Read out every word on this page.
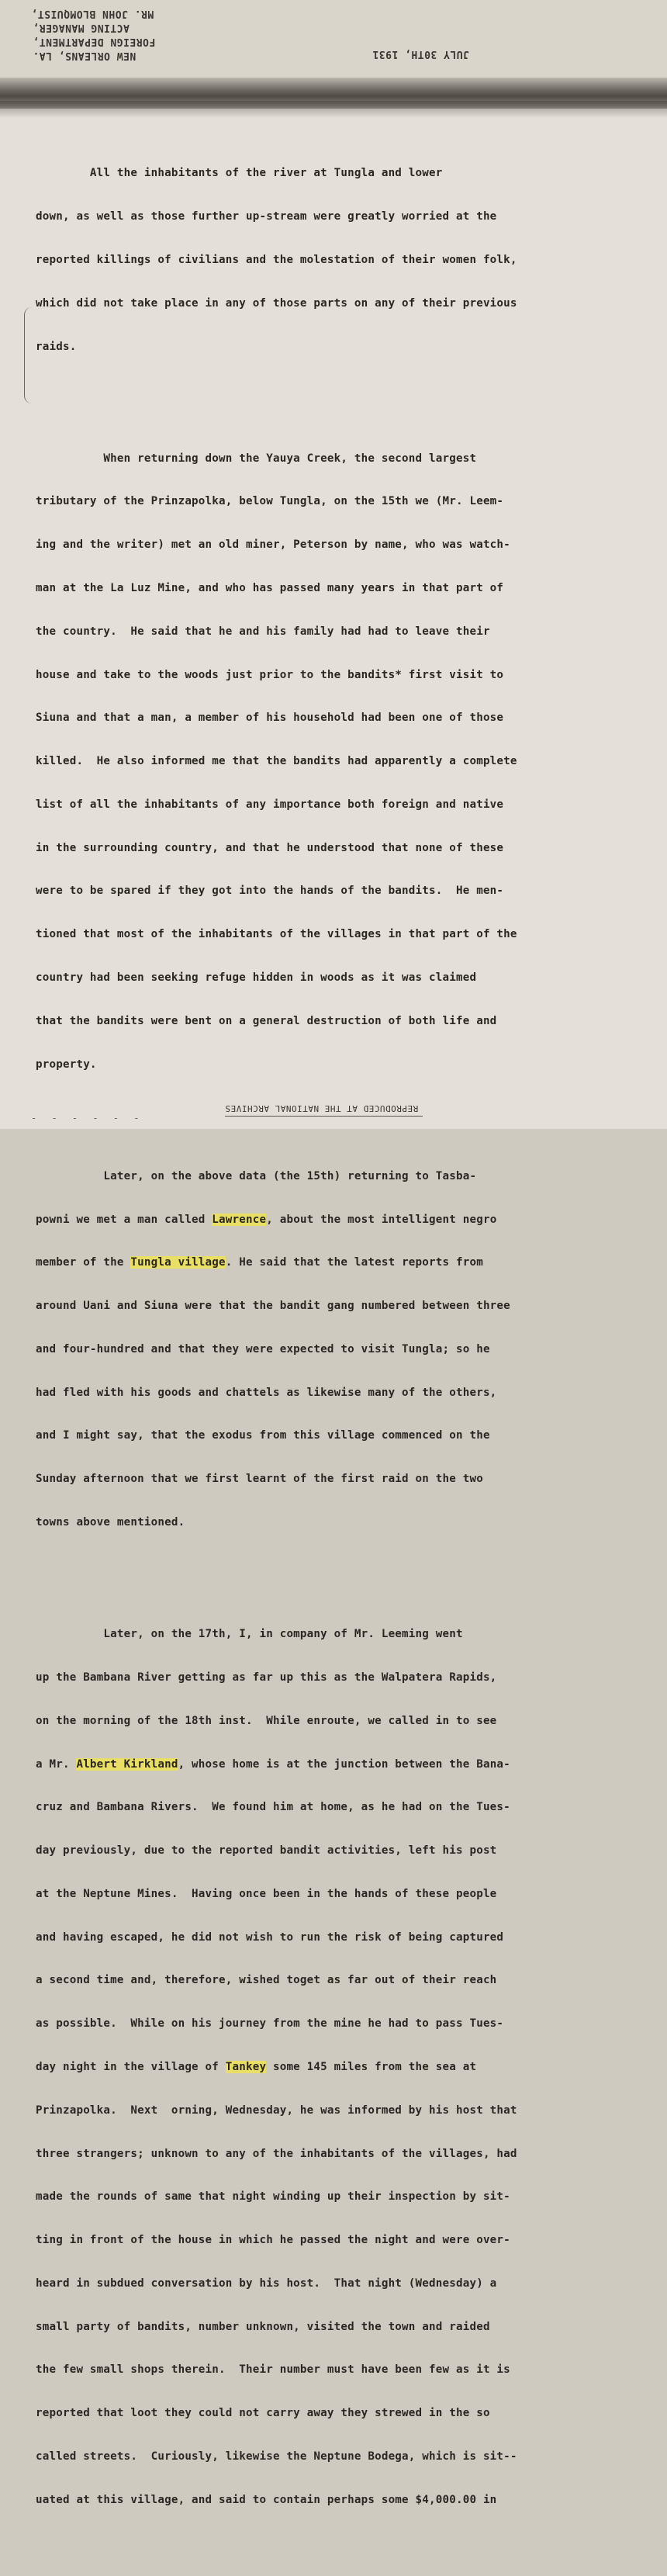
MR. JOHN BLOMQUIST,
ACTING MANAGER,
FOREIGN DEPARTMENT,
NEW ORLEANS, LA.	JULY 30TH, 1931

All the inhabitants of the river at Tungla and lower

down, as well as those further up-stream were greatly worried at the

reported killings of civilians and the molestation of their women folk,

which did not take place in any of those parts on any of their previous

raids.

When returning down the Yauya Creek, the second largest

tributary of the Prinzapolka, below Tungla, on the 15th we (Mr. Leem-

ing and the writer) met an old miner, Peterson by name, who was watch-

man at the La Luz Mine, and who has passed many years in that part of

the country.  He said that he and his family had had to leave their

house and take to the woods just prior to the bandits* first visit to

Siuna and that a man, a member of his household had been one of those

killed.  He also informed me that the bandits had apparently a complete

list of all the inhabitants of any importance both foreign and native

in the surrounding country, and that he understood that none of these

were to be spared if they got into the hands of the bandits.  He men-

tioned that most of the inhabitants of the villages in that part of the

country had been seeking refuge hidden in woods as it was claimed

that the bandits were bent on a general destruction of both life and

property.

Later, on the above data (the 15th) returning to Tasba-

powni we met a man called Lawrence, about the most intelligent negro

member of the Tungla village. He said that the latest reports from

around Uani and Siuna were that the bandit gang numbered between three

and four-hundred and that they were expected to visit Tungla; so he

had fled with his goods and chattels as likewise many of the others,

and I might say, that the exodus from this village commenced on the

Sunday afternoon that we first learnt of the first raid on the two

towns above mentioned.

Later, on the 17th, I, in company of Mr. Leeming went

up the Bambana River getting as far up this as the Walpatera Rapids,

on the morning of the 18th inst.  While enroute, we called in to see

a Mr. Albert Kirkland, whose home is at the junction between the Bana-

cruz and Bambana Rivers.  We found him at home, as he had on the Tues-

day previously, due to the reported bandit activities, left his post

at the Neptune Mines.  Having once been in the hands of these people

and having escaped, he did not wish to run the risk of being captured

a second time and, therefore, wished toget as far out of their reach

as possible.  While on his journey from the mine he had to pass Tues-

day night in the village of Tankey some 145 miles from the sea at

Prinzapolka.  Next  orning, Wednesday, he was informed by his host that

three strangers; unknown to any of the inhabitants of the villages, had

made the rounds of same that night winding up their inspection by sit-

ting in front of the house in which he passed the night and were over-

heard in subdued conversation by his host.  That night (Wednesday) a

small party of bandits, number unknown, visited the town and raided

the few small shops therein.  Their number must have been few as it is

reported that loot they could not carry away they strewed in the so

called streets.  Curiously, likewise the Neptune Bodega, which is sit--

uated at this village, and said to contain perhaps some $4,000.00 in

REPRODUCED AT THE NATIONAL ARCHIVES
- - - - - -
